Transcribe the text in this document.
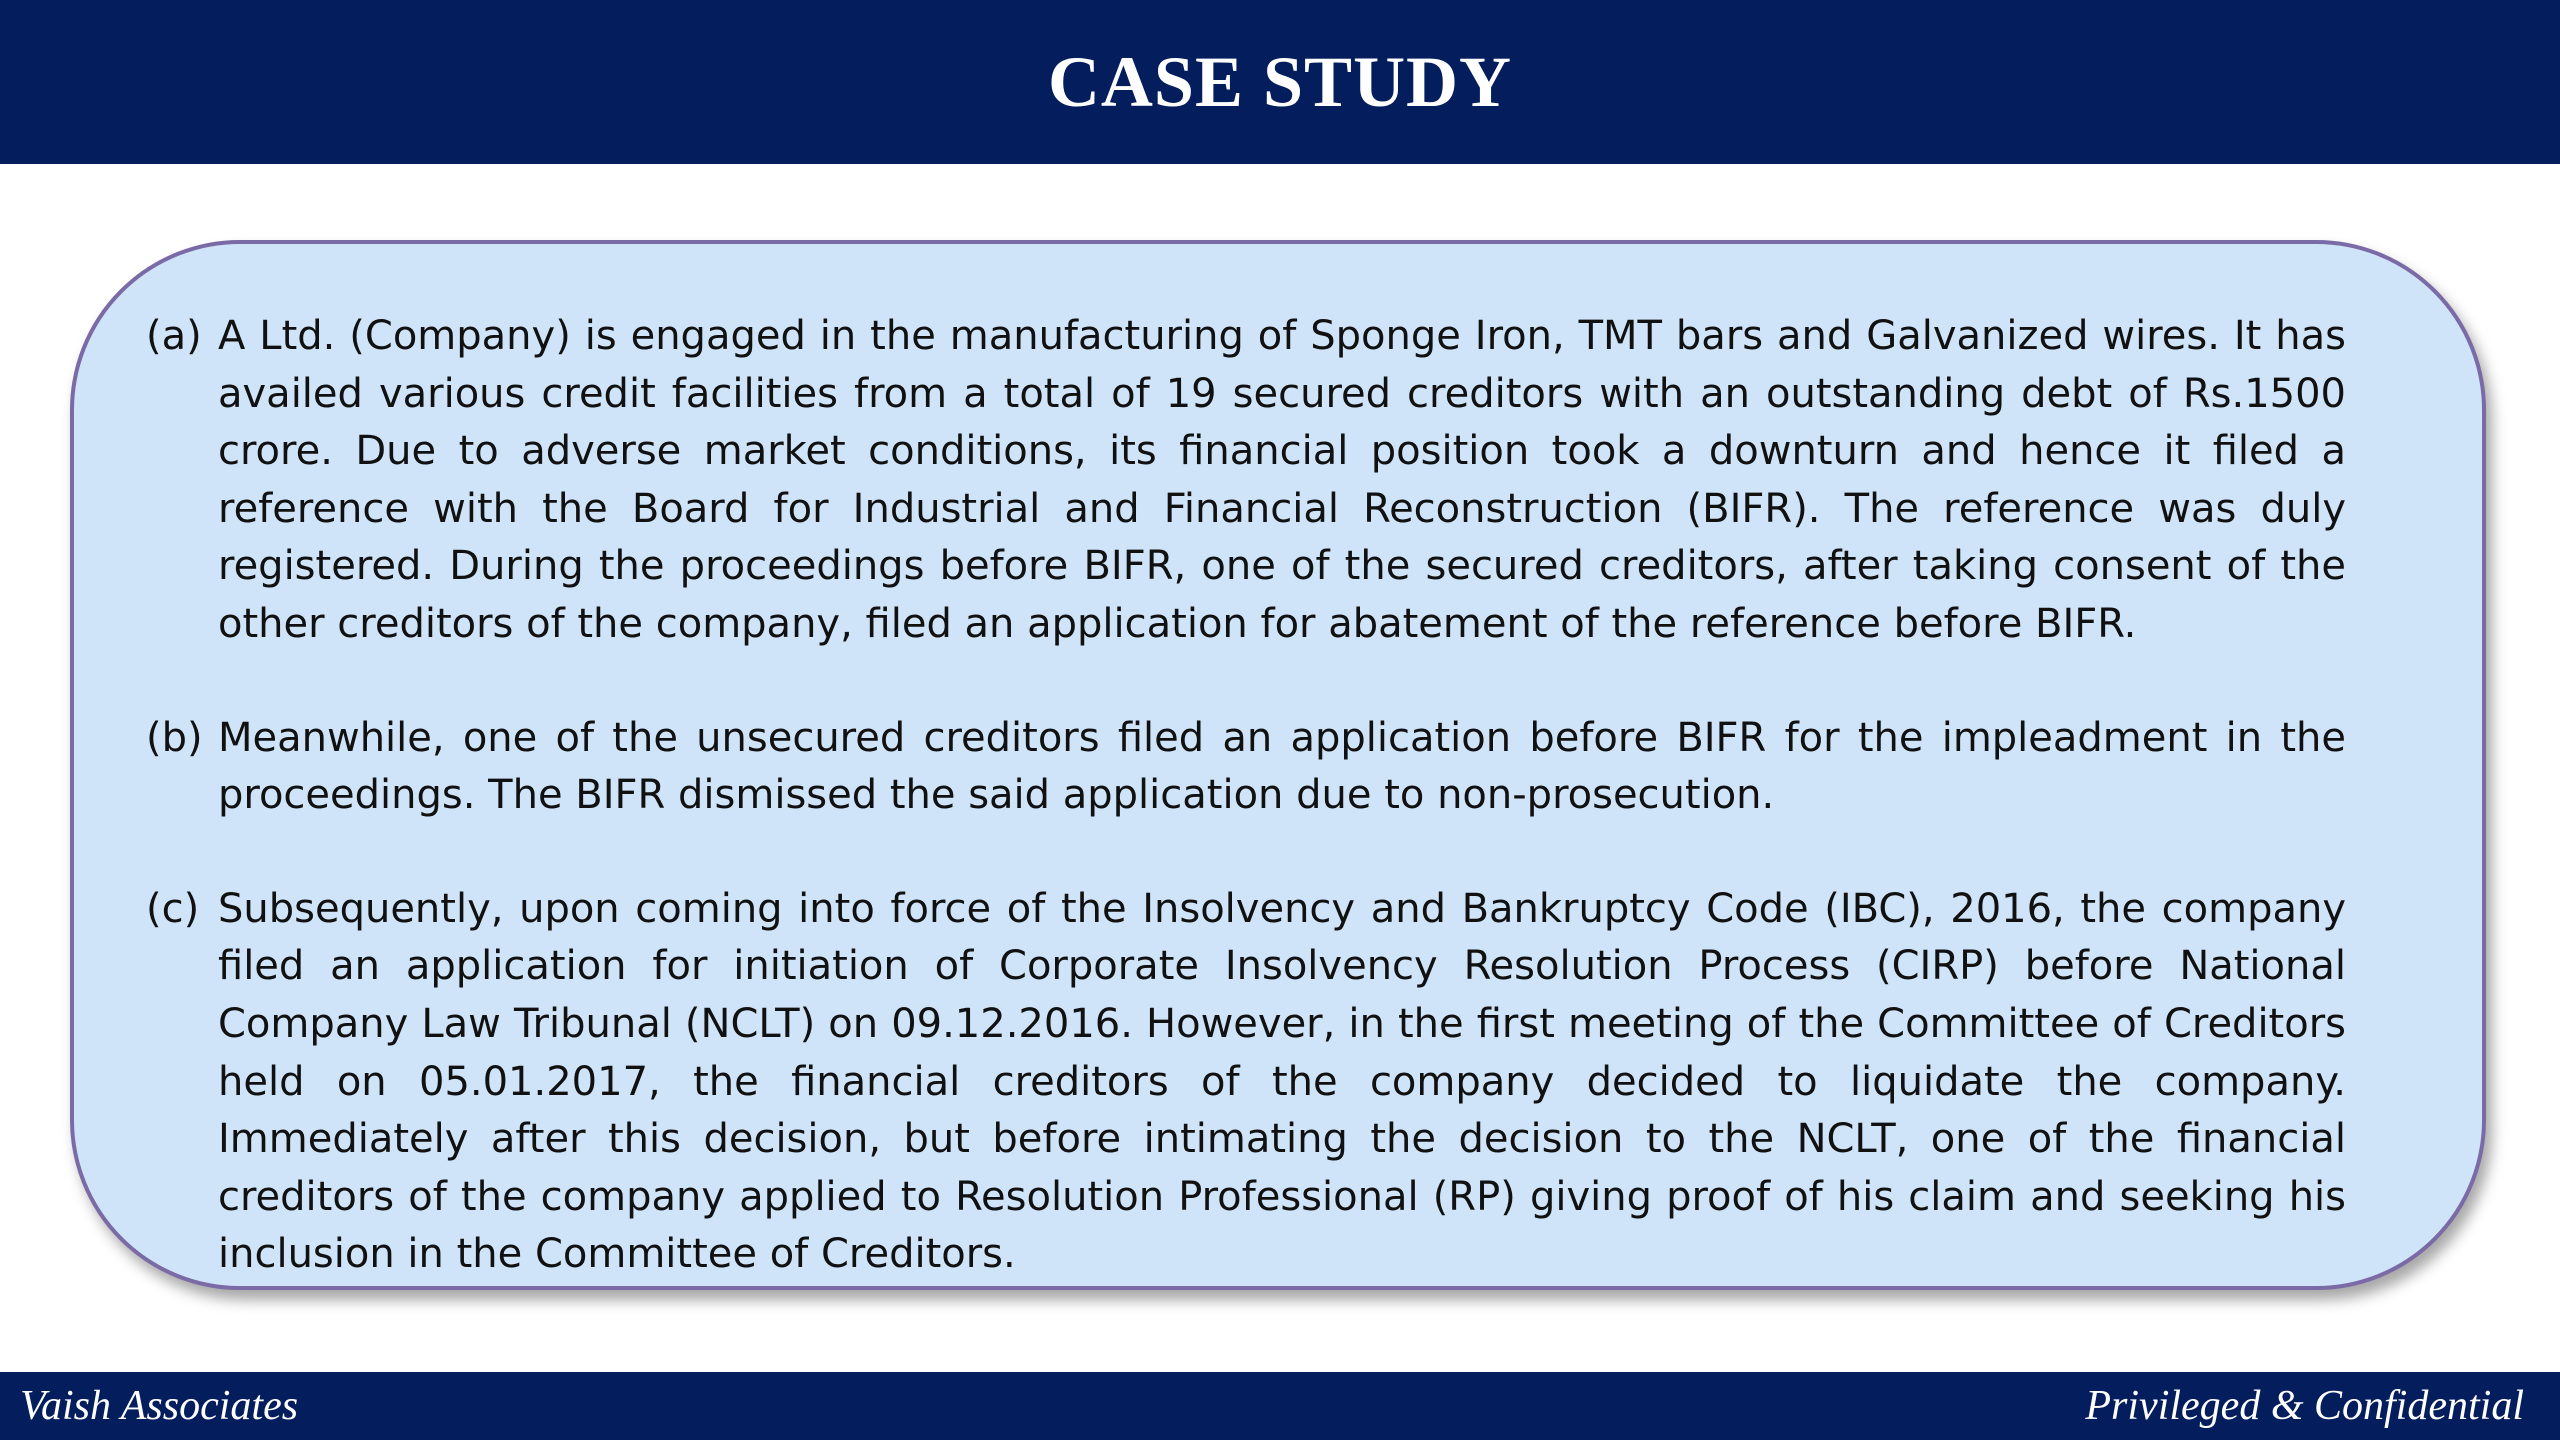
CASE STUDY
(a) A Ltd. (Company) is engaged in the manufacturing of Sponge Iron, TMT bars and Galvanized wires. It has availed various credit facilities from a total of 19 secured creditors with an outstanding debt of Rs.1500 crore. Due to adverse market conditions, its financial position took a downturn and hence it filed a reference with the Board for Industrial and Financial Reconstruction (BIFR). The reference was duly registered. During the proceedings before BIFR, one of the secured creditors, after taking consent of the other creditors of the company, filed an application for abatement of the reference before BIFR.
(b) Meanwhile, one of the unsecured creditors filed an application before BIFR for the impleadment in the proceedings. The BIFR dismissed the said application due to non-prosecution.
(c) Subsequently, upon coming into force of the Insolvency and Bankruptcy Code (IBC), 2016, the company filed an application for initiation of Corporate Insolvency Resolution Process (CIRP) before National Company Law Tribunal (NCLT) on 09.12.2016. However, in the first meeting of the Committee of Creditors held on 05.01.2017, the financial creditors of the company decided to liquidate the company. Immediately after this decision, but before intimating the decision to the NCLT, one of the financial creditors of the company applied to Resolution Professional (RP) giving proof of his claim and seeking his inclusion in the Committee of Creditors.
Vaish Associates	Privileged & Confidential
